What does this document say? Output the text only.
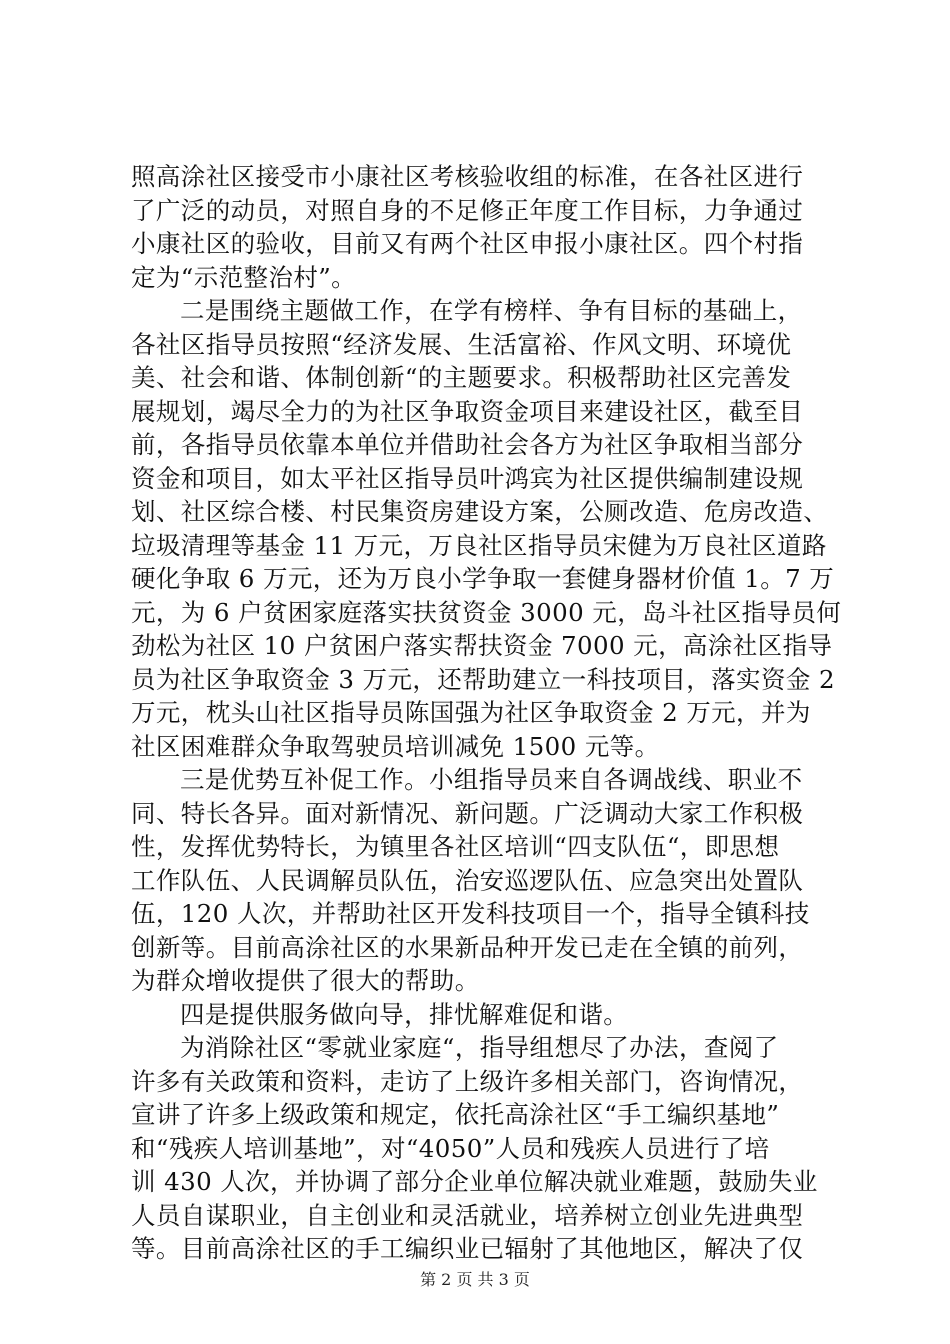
照高涂社区接受市小康社区考核验收组的标准，在各社区进行
了广泛的动员，对照自身的不足修正年度工作目标，力争通过
小康社区的验收，目前又有两个社区申报小康社区。四个村指
定为“示范整治村”。
二是围绕主题做工作，在学有榜样、争有目标的基础上，
各社区指导员按照“经济发展、生活富裕、作风文明、环境优
美、社会和谐、体制创新“的主题要求。积极帮助社区完善发
展规划，竭尽全力的为社区争取资金项目来建设社区，截至目
前，各指导员依靠本单位并借助社会各方为社区争取相当部分
资金和项目，如太平社区指导员叶鸿宾为社区提供编制建设规
划、社区综合楼、村民集资房建设方案，公厕改造、危房改造、
垃圾清理等基金 11 万元，万良社区指导员宋健为万良社区道路
硬化争取 6 万元，还为万良小学争取一套健身器材价值 1。7 万
元，为 6 户贫困家庭落实扶贫资金 3000 元，岛斗社区指导员何
劲松为社区 10 户贫困户落实帮扶资金 7000 元，高涂社区指导
员为社区争取资金 3 万元，还帮助建立一科技项目，落实资金 2
万元，枕头山社区指导员陈国强为社区争取资金 2 万元，并为
社区困难群众争取驾驶员培训减免 1500 元等。
三是优势互补促工作。小组指导员来自各调战线、职业不
同、特长各异。面对新情况、新问题。广泛调动大家工作积极
性，发挥优势特长，为镇里各社区培训“四支队伍“，即思想
工作队伍、人民调解员队伍，治安巡逻队伍、应急突出处置队
伍，120 人次，并帮助社区开发科技项目一个，指导全镇科技
创新等。目前高涂社区的水果新品种开发已走在全镇的前列，
为群众增收提供了很大的帮助。
四是提供服务做向导，排忧解难促和谐。
为消除社区“零就业家庭“，指导组想尽了办法，查阅了
许多有关政策和资料，走访了上级许多相关部门，咨询情况，
宣讲了许多上级政策和规定，依托高涂社区“手工编织基地”
和“残疾人培训基地”，对“4050”人员和残疾人员进行了培
训 430 人次，并协调了部分企业单位解决就业难题，鼓励失业
人员自谋职业，自主创业和灵活就业，培养树立创业先进典型
等。目前高涂社区的手工编织业已辐射了其他地区，解决了仅
第 2 页 共 3 页
